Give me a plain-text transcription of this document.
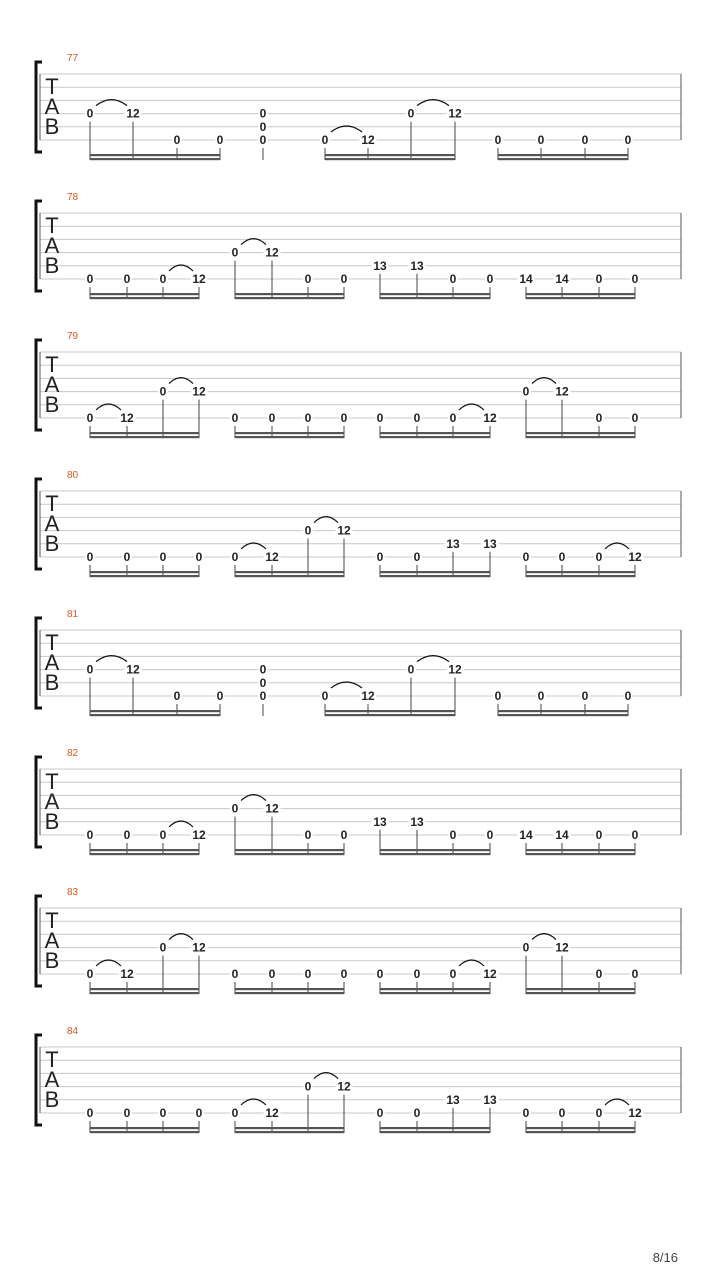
77
T
A
B
0	12
0	0
0
0
0	0	12
0	12
0	0	0	0
78
T
A
B
0	0 0 12
0 12
0 0
13 13
0	0 14 14 0 0
79
T
A
B
0 12
0 12
0	0 0 0 0	0 0 12
0 12
0 0
80
T
A
B
0	0 0 0 0 12
0 12
0	0
13 13
0 0	0 12
81
T
A
B
0	12
0	0
0
0
0	0	12
0	12
0	0	0	0
82
T
A
B
0	0 0 12
0 12
0 0
13 13
0	0 14 14 0 0
83
T
A
B
0 12
0 12
0	0 0 0 0	0 0 12
0 12
0 0
84
T
A
B
0	0 0 0 0 12
0 12
0	0
13 13
0 0	0 12
8/16
